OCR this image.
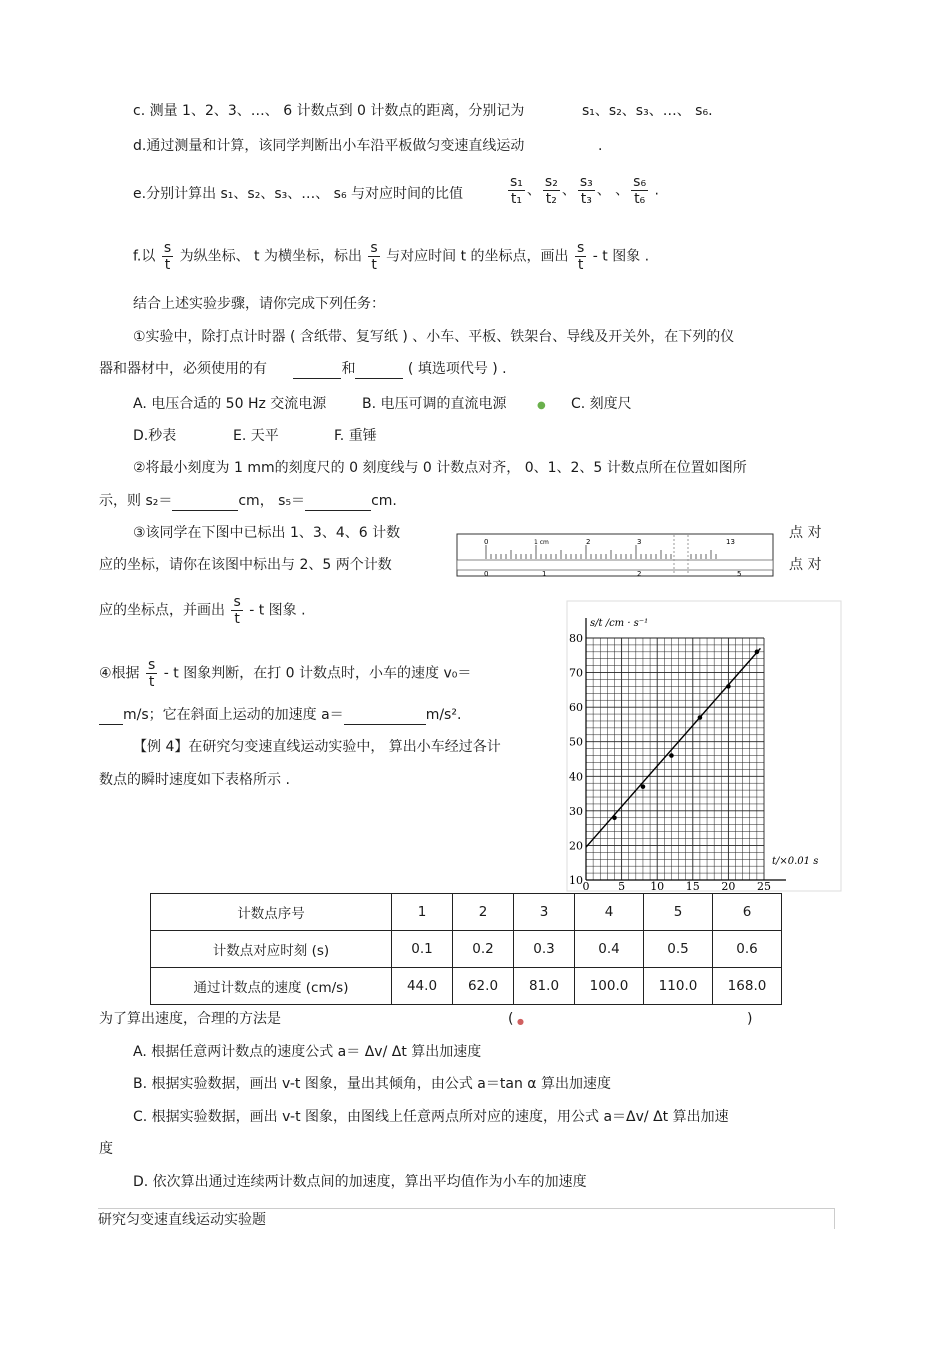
c. 测量 1、2、3、…、 6 计数点到 0 计数点的距离，分别记为	s₁、s₂、s₃、…、 s₆.
d.通过测量和计算，该同学判断出小车沿平板做匀变速直线运动	.
e.分别计算出 s₁、s₂、s₃、…、 s₆ 与对应时间的比值	$\frac{\text{s₁}}{\text{t₁}}$ 、 $\frac{\text{s₂}}{\text{t₂}}$ 、 $\frac{\text{s₃}}{\text{t₃}}$ 、 、 $\frac{\text{s₆}}{\text{t₆}}$ .
f.以 $\frac{s}{t}$ 为纵坐标、 t 为横坐标，标出 $\frac{s}{t}$ 与对应时间 t 的坐标点，画出 $\frac{s}{t}$ - t 图象 .
结合上述实验步骤，请你完成下列任务：
①实验中，除打点计时器 ( 含纸带、复写纸 ) 、小车、平板、铁架台、导线及开关外，在下列的仪
器和器材中，必须使用的有	和	( 填选项代号 ) .
A. 电压合适的 50 Hz 交流电源	B. 电压可调的直流电源	● C. 刻度尺
D.秒表	E. 天平	F. 重锤
②将最小刻度为 1 mm的刻度尺的 0 刻度线与 0 计数点对齐， 0、1、2、5 计数点所在位置如图所
示，则 s₂＝	cm， s₅＝	cm.
③该同学在下图中已标出 1、3、4、6 计数	点 对
应的坐标，请你在该图中标出与 2、5 两个计数	点 对
应的坐标点，并画出 $\frac{s}{t}$ - t 图象 .
0	1 cm	2	3	13
0	1	2	5
0	5 10 15 20 25
10
20
30
40
50
60
70
80
s/t /cm · s⁻¹
t/×0.01 s
④根据 $\frac{s}{t}$ - t 图象判断，在打 0 计数点时，小车的速度 v₀＝
m/s；它在斜面上运动的加速度 a＝	m/s².
【例 4】在研究匀变速直线运动实验中， 算出小车经过各计
数点的瞬时速度如下表格所示 .
计数点序号	1	2	3	4	5	6
计数点对应时刻 (s)	0.1	0.2	0.3	0.4	0.5	0.6
通过计数点的速度 (cm/s)	44.0	62.0	81.0	100.0	110.0	168.0
为了算出速度，合理的方法是	( ●	)
A. 根据任意两计数点的速度公式 a＝ Δv/ Δt 算出加速度
B. 根据实验数据，画出 v-t 图象，量出其倾角，由公式 a＝tan α 算出加速度
C. 根据实验数据，画出 v-t 图象，由图线上任意两点所对应的速度，用公式 a＝Δv/ Δt 算出加速
度
D. 依次算出通过连续两计数点间的加速度，算出平均值作为小车的加速度
研究匀变速直线运动实验题
